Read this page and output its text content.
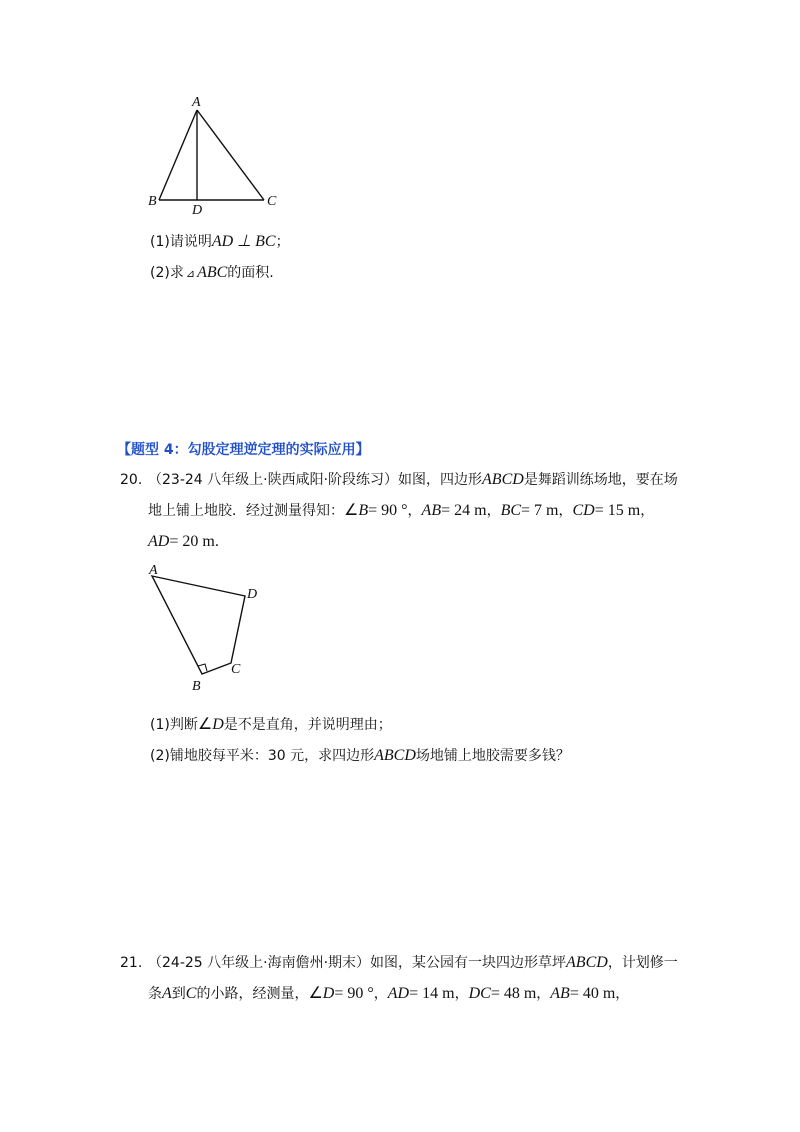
A
B	C
D
(1)请说明AD ⊥ BC；
(2)求 ⊿ ABC的面积.
【题型 4：勾股定理逆定理的实际应用】
20. （23-24 八年级上·陕西咸阳·阶段练习）如图，四边形ABCD是舞蹈训练场地，要在场
地上铺上地胶．经过测量得知：∠B= 90 °，AB= 24 m，BC= 7 m，CD= 15 m，
AD= 20 m．
A
D
C
B
(1)判断∠D是不是直角，并说明理由；
(2)铺地胶每平米：30 元，求四边形ABCD场地铺上地胶需要多钱？
21. （24-25 八年级上·海南儋州·期末）如图，某公园有一块四边形草坪ABCD，计划修一
条A到C的小路，经测量，∠D= 90 °，AD= 14 m，DC= 48 m，AB= 40 m，
